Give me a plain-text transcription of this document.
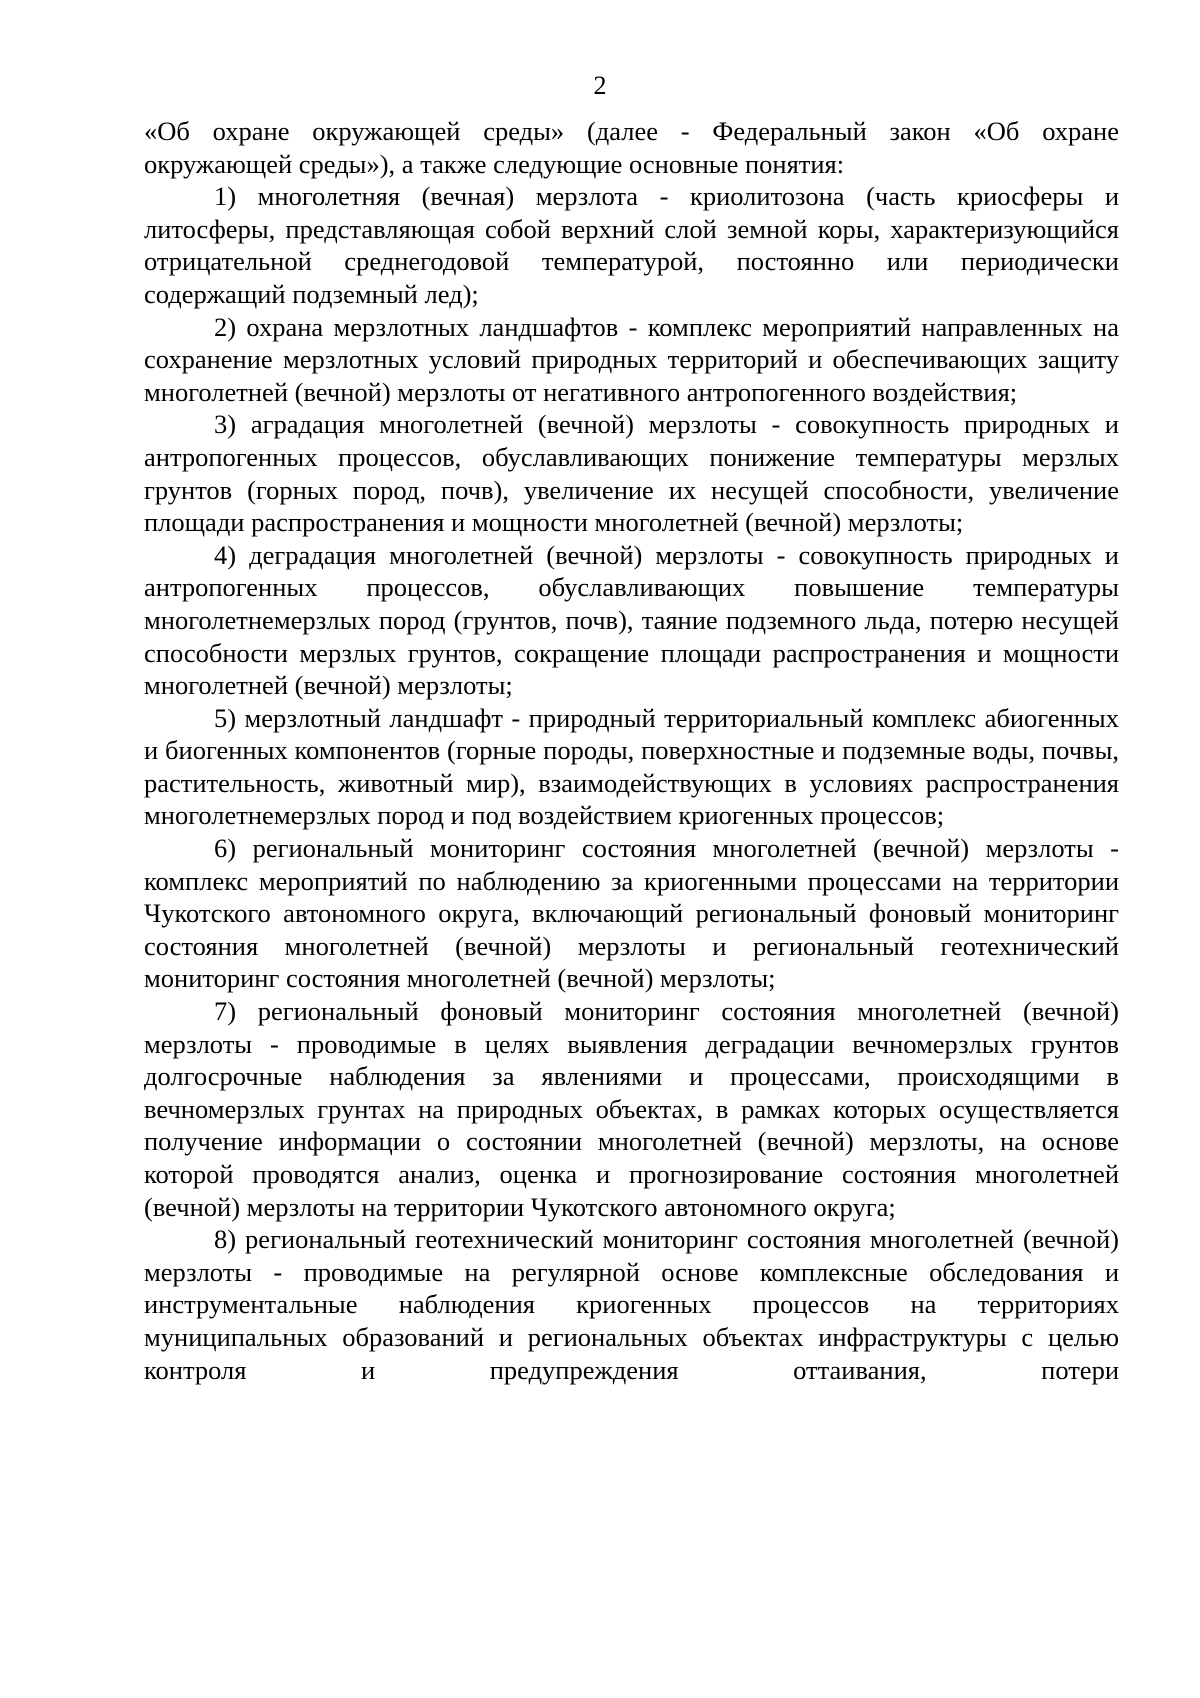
2

«Об охране окружающей среды» (далее - Федеральный закон «Об охране окружающей среды»), а также следующие основные понятия:

1) многолетняя (вечная) мерзлота - криолитозона (часть криосферы и литосферы, представляющая собой верхний слой земной коры, характеризующийся отрицательной среднегодовой температурой, постоянно или периодически содержащий подземный лед);

2) охрана мерзлотных ландшафтов - комплекс мероприятий направленных на сохранение мерзлотных условий природных территорий и обеспечивающих защиту многолетней (вечной) мерзлоты от негативного антропогенного воздействия;

3) аградация многолетней (вечной) мерзлоты - совокупность природных и антропогенных процессов, обуславливающих понижение температуры мерзлых грунтов (горных пород, почв), увеличение их несущей способности, увеличение площади распространения и мощности многолетней (вечной) мерзлоты;

4) деградация многолетней (вечной) мерзлоты - совокупность природных и антропогенных процессов, обуславливающих повышение температуры многолетнемерзлых пород (грунтов, почв), таяние подземного льда, потерю несущей способности мерзлых грунтов, сокращение площади распространения и мощности многолетней (вечной) мерзлоты;

5) мерзлотный ландшафт - природный территориальный комплекс абиогенных и биогенных компонентов (горные породы, поверхностные и подземные воды, почвы, растительность, животный мир), взаимодействующих в условиях распространения многолетнемерзлых пород и под воздействием криогенных процессов;

6) региональный мониторинг состояния многолетней (вечной) мерзлоты - комплекс мероприятий по наблюдению за криогенными процессами на территории Чукотского автономного округа, включающий региональный фоновый мониторинг состояния многолетней (вечной) мерзлоты и региональный геотехнический мониторинг состояния многолетней (вечной) мерзлоты;

7) региональный фоновый мониторинг состояния многолетней (вечной) мерзлоты - проводимые в целях выявления деградации вечномерзлых грунтов долгосрочные наблюдения за явлениями и процессами, происходящими в вечномерзлых грунтах на природных объектах, в рамках которых осуществляется получение информации о состоянии многолетней (вечной) мерзлоты, на основе которой проводятся анализ, оценка и прогнозирование состояния многолетней (вечной) мерзлоты на территории Чукотского автономного округа;

8) региональный геотехнический мониторинг состояния многолетней (вечной) мерзлоты - проводимые на регулярной основе комплексные обследования и инструментальные наблюдения криогенных процессов на территориях муниципальных образований и региональных объектах инфраструктуры с целью контроля и предупреждения оттаивания, потери
